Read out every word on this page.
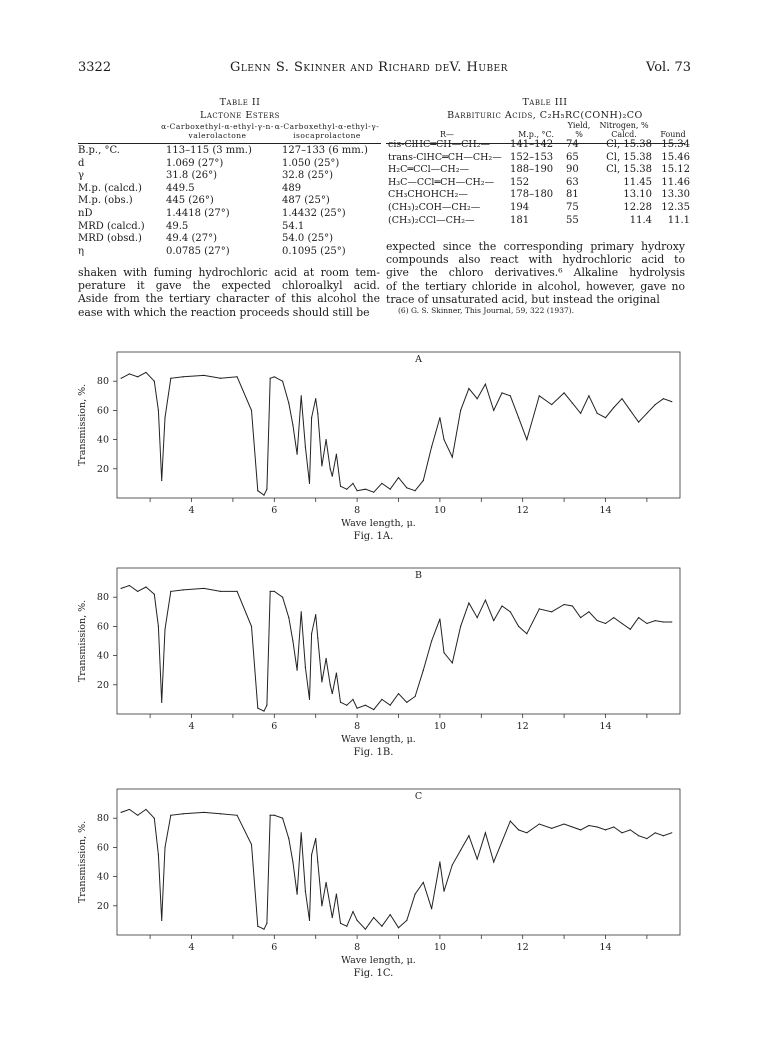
3322	Glenn S. Skinner and Richard deV. Huber	Vol. 73
Table II
Lactone Esters
α-Carboxethyl-α-ethyl-γ-n-valerolactone
α-Carboxethyl-α-ethyl-γ-isocaprolactone
B.p., °C.	113–115 (3 mm.)	127–133 (6 mm.)
d	1.069 (27°)	1.050 (25°)
γ	31.8 (26°)	32.8 (25°)
M.p. (calcd.)	449.5	489
M.p. (obs.)	445 (26°)	487 (25°)
nD	1.4418 (27°)	1.4432 (25°)
MRD (calcd.)	49.5	54.1
MRD (obsd.)	49.4 (27°)	54.0 (25°)
η	0.0785 (27°)	0.1095 (25°)
Table III
Barbituric Acids, C₂H₅RC(CONH)₂CO
R—	M.p., °C.	Yield, %	Nitrogen, % Calcd.	Found
cis-ClHC═CH—CH₂—	141–142	74	Cl, 15.38	15.34
trans-ClHC═CH—CH₂—	152–153	65	Cl, 15.38	15.46
H₂C═CCl—CH₂—	188–190	90	Cl, 15.38	15.12
H₃C—CCl═CH—CH₂—	152	63	11.45	11.46
CH₃CHOHCH₂—	178–180	81	13.10	13.30
(CH₃)₂COH—CH₂—	194	75	12.28	12.35
(CH₃)₂CCl—CH₂—	181	55	11.4	11.1
shaken with fuming hydrochloric acid at room tem-
perature it gave the expected chloroalkyl acid.
Aside from the tertiary character of this alcohol the
ease with which the reaction proceeds should still be
expected since the corresponding primary hydroxy
compounds also react with hydrochloric acid to
give the chloro derivatives.⁶ Alkaline hydrolysis
of the tertiary chloride in alcohol, however, gave no
trace of unsaturated acid, but instead the original
(6) G. S. Skinner, This Journal, 59, 322 (1937).
A
20
40
60
80
4	6	8	10	12	14
Transmission, %.
Wave length, μ.
Fig. 1A.
B
20
40
60
80
4	6	8	10	12	14
Transmission, %.
Wave length, μ.
Fig. 1B.
C
20
40
60
80
4	6	8	10	12	14
Transmission, %.
Wave length, μ.
Fig. 1C.
